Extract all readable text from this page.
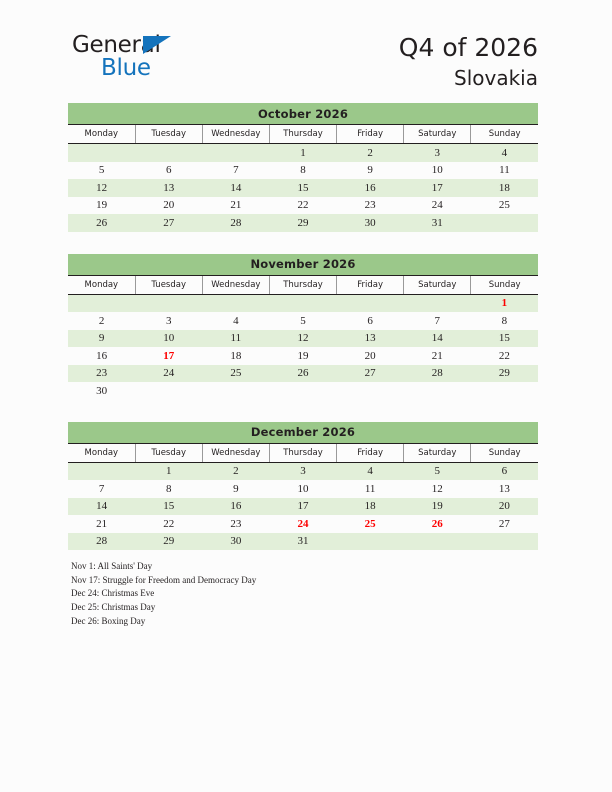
General
Blue
Q4 of 2026
Slovakia
October 2026						
Monday	Tuesday	Wednesday	Thursday	Friday	Saturday	Sunday
			1	2	3	4
5	6	7	8	9	10	11
12	13	14	15	16	17	18
19	20	21	22	23	24	25
26	27	28	29	30	31	
November 2026						
Monday	Tuesday	Wednesday	Thursday	Friday	Saturday	Sunday
						1
2	3	4	5	6	7	8
9	10	11	12	13	14	15
16	17	18	19	20	21	22
23	24	25	26	27	28	29
30						
December 2026						
Monday	Tuesday	Wednesday	Thursday	Friday	Saturday	Sunday
	1	2	3	4	5	6
7	8	9	10	11	12	13
14	15	16	17	18	19	20
21	22	23	24	25	26	27
28	29	30	31			
Nov 1: All Saints' Day
Nov 17: Struggle for Freedom and Democracy Day
Dec 24: Christmas Eve
Dec 25: Christmas Day
Dec 26: Boxing Day
